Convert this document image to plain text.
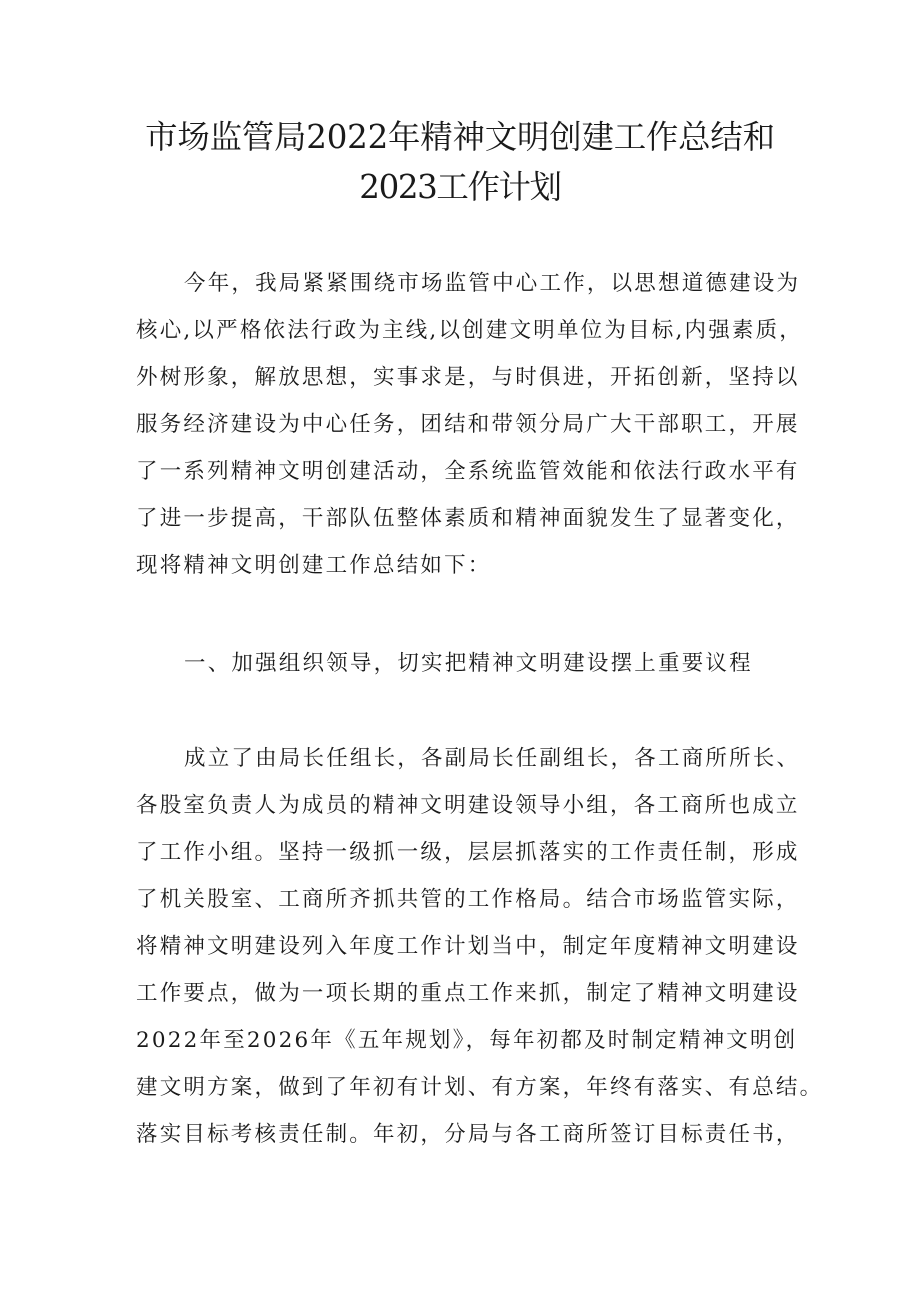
市场监管局2022年精神文明创建工作总结和
2023工作计划

今年，我局紧紧围绕市场监管中心工作，以思想道德建设为

核心,以严格依法行政为主线,以创建文明单位为目标,内强素质，

外树形象，解放思想，实事求是，与时俱进，开拓创新，坚持以

服务经济建设为中心任务，团结和带领分局广大干部职工，开展

了一系列精神文明创建活动，全系统监管效能和依法行政水平有

了进一步提高，干部队伍整体素质和精神面貌发生了显著变化，

现将精神文明创建工作总结如下：

一、加强组织领导，切实把精神文明建设摆上重要议程

成立了由局长任组长，各副局长任副组长，各工商所所长、

各股室负责人为成员的精神文明建设领导小组，各工商所也成立

了工作小组。坚持一级抓一级，层层抓落实的工作责任制，形成

了机关股室、工商所齐抓共管的工作格局。结合市场监管实际，

将精神文明建设列入年度工作计划当中，制定年度精神文明建设

工作要点，做为一项长期的重点工作来抓，制定了精神文明建设

2022年至2026年《五年规划》，每年初都及时制定精神文明创

建文明方案，做到了年初有计划、有方案，年终有落实、有总结。

落实目标考核责任制。年初，分局与各工商所签订目标责任书，
